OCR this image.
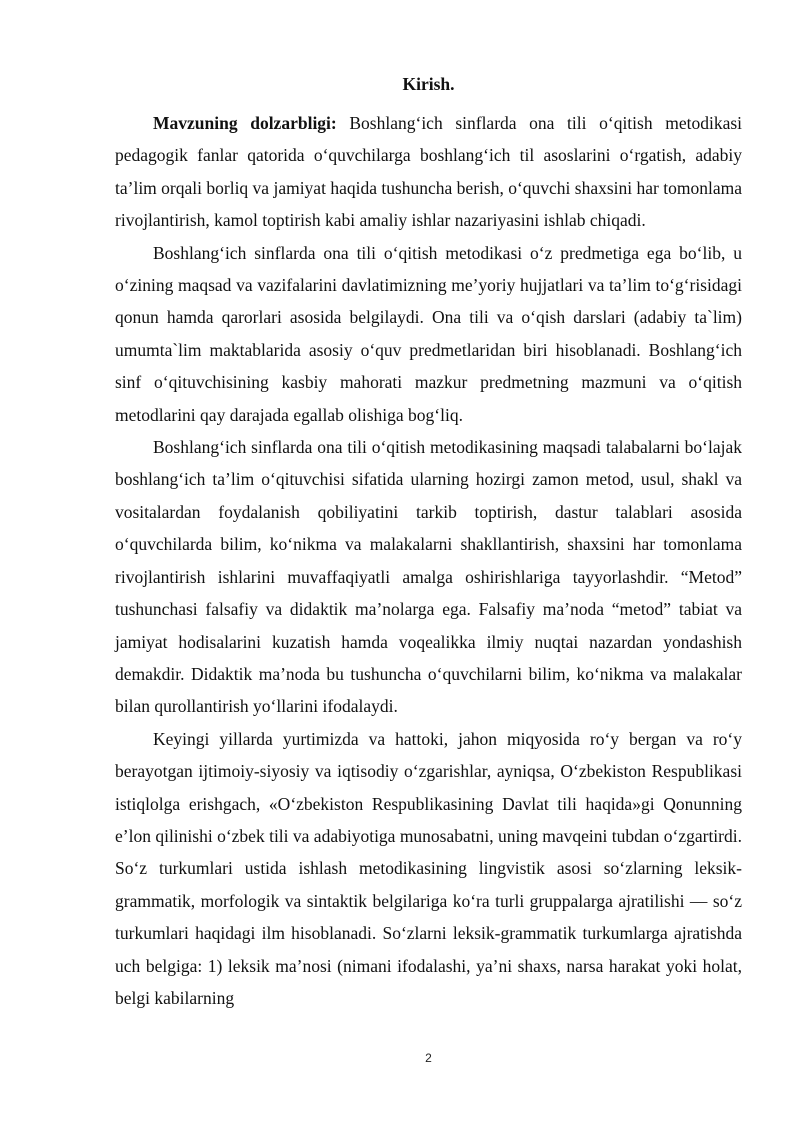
Kirish.

Mavzuning dolzarbligi: Boshlang‘ich sinflarda ona tili o‘qitish metodikasi pedagogik fanlar qatorida o‘quvchilarga boshlang‘ich til asoslarini o‘rgatish, adabiy ta’lim orqali borliq va jamiyat haqida tushuncha berish, o‘quvchi shaxsini har tomonlama rivojlantirish, kamol toptirish kabi amaliy ishlar nazariyasini ishlab chiqadi.

Boshlang‘ich sinflarda ona tili o‘qitish metodikasi o‘z predmetiga ega bo‘lib, u o‘zining maqsad va vazifalarini davlatimizning me’yoriy hujjatlari va ta’lim to‘g‘risidagi qonun hamda qarorlari asosida belgilaydi. Ona tili va o‘qish darslari (adabiy ta`lim) umumta`lim maktablarida asosiy o‘quv predmetlaridan biri hisoblanadi. Boshlang‘ich sinf o‘qituvchisining kasbiy mahorati mazkur predmetning mazmuni va o‘qitish metodlarini qay darajada egallab olishiga bog‘liq.

Boshlang‘ich sinflarda ona tili o‘qitish metodikasining maqsadi talabalarni bo‘lajak boshlang‘ich ta’lim o‘qituvchisi sifatida ularning hozirgi zamon metod, usul, shakl va vositalardan foydalanish qobiliyatini tarkib toptirish, dastur talablari asosida o‘quvchilarda bilim, ko‘nikma va malakalarni shakllantirish, shaxsini har tomonlama rivojlantirish ishlarini muvaffaqiyatli amalga oshirishlariga tayyorlashdir. “Metod” tushunchasi falsafiy va didaktik ma’nolarga ega. Falsafiy ma’noda “metod” tabiat va jamiyat hodisalarini kuzatish hamda voqealikka ilmiy nuqtai nazardan yondashish demakdir. Didaktik ma’noda bu tushuncha o‘quvchilarni bilim, ko‘nikma va malakalar bilan qurollantirish yo‘llarini ifodalaydi.

Keyingi yillarda yurtimizda va hattoki, jahon miqyosida ro‘y bergan va ro‘y berayotgan ijtimoiy-siyosiy va iqtisodiy o‘zgarishlar, ayniqsa, O‘zbekiston Respublikasi istiqlolga erishgach, «O‘zbekiston Respublikasining Davlat tili haqida»gi Qonunning e’lon qilinishi o‘zbek tili va adabiyotiga munosabatni, uning mavqeini tubdan o‘zgartirdi. So‘z turkumlari ustida ishlash metodikasining lingvistik asosi so‘zlarning leksik-grammatik, morfologik va sintaktik belgilariga ko‘ra turli gruppalarga ajratilishi — so‘z turkumlari haqidagi ilm hisoblanadi. So‘zlarni leksik-grammatik turkumlarga ajratishda uch belgiga: 1) leksik ma’nosi (nimani ifodalashi, ya’ni shaxs, narsa harakat yoki holat, belgi kabilarning

2
